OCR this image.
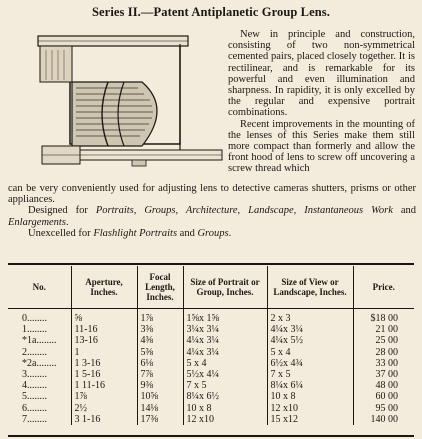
Series II.—Patent Antiplanetic Group Lens.

New in principle and construction, consisting of two non-symmetrical cemented pairs, placed closely together. It is rectilinear, and is remarkable for its powerful and even illumination and sharpness. In rapidity, it is only excelled by the regular and expensive portrait combinations.

Recent improvements in the mounting of the lenses of this Series make them still more compact than formerly and allow the front hood of lens to screw off uncovering a screw thread which

can be very conveniently used for adjusting lens to detective cameras shutters, prisms or other appliances.

Designed for Portraits, Groups, Architecture, Landscape, Instantaneous Work and Enlargements.

Unexcelled for Flashlight Portraits and Groups.

No.	Aperture, Inches.	Focal Length, Inches.	Size of Portrait or Group, Inches.	Size of View or Landscape, Inches.	Price.
0........	⅝	1⅞	1⅝x 1⅝	2 x 3	$18 00
1........	11-16	3⅜	3¼x 3¼	4¼x 3¼	21 00
*1a........	13-16	4⅜	4¼x 3¼	4¼x 5½	25 00
2........	1	5⅜	4¼x 3¼	5 x 4	28 00
*2a........	1 3-16	6⅛	5 x 4	6½x 4¾	33 00
3........	1 5-16	7⅞	5½x 4¼	7 x 5	37 00
4........	1 11-16	9⅜	7 x 5	8¼x 6¼	48 00
5........	1⅞	10⅝	8¼x 6½	10 x 8	60 00
6........	2½	14⅛	10 x 8	12 x10	95 00
7........	3 1-16	17⅜	12 x10	15 x12	140 00
